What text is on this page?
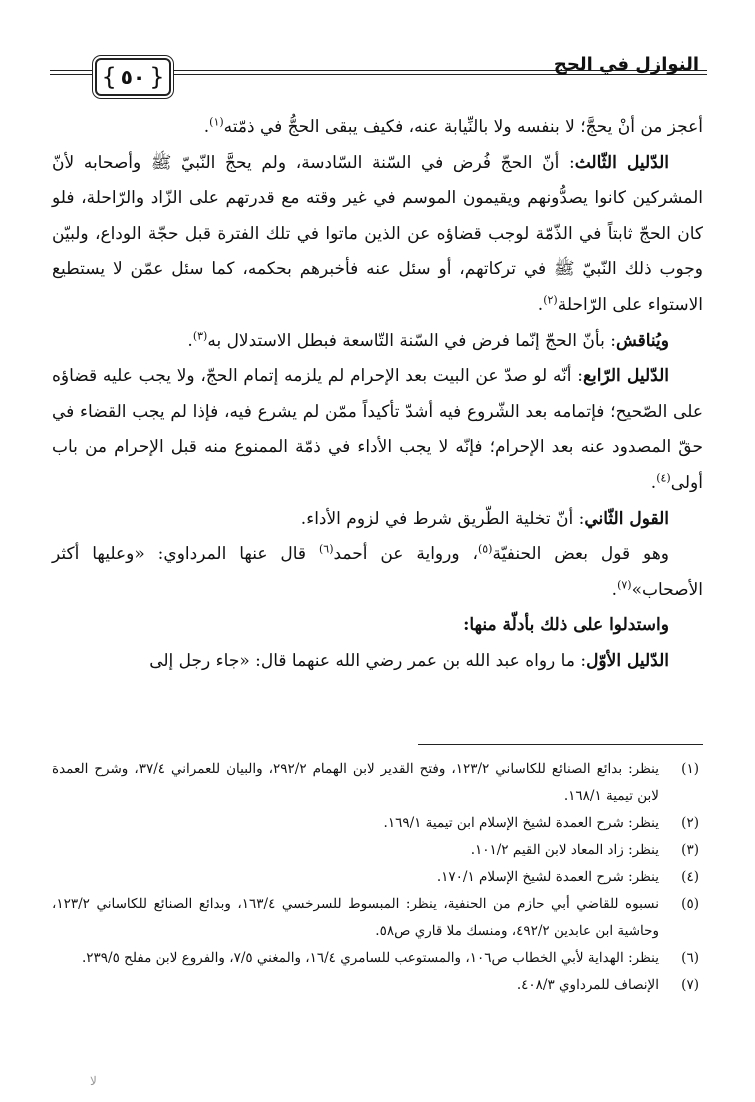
النوازل في الحج
{
٥٠
}

أعجز من أنْ يحجَّ؛ لا بنفسه ولا بالنِّيابة عنه، فكيف يبقى الحجُّ في ذمّته$^{(١)}$.

الدّليل الثّالث: أنّ الحجّ فُرض في السّنة السّادسة، ولم يحجَّ النّبيّ ﷺ وأصحابه لأنّ المشركين كانوا يصدُّونهم ويقيمون الموسم في غير وقته مع قدرتهم على الزّاد والرّاحلة، فلو كان الحجّ ثابتاً في الذّمّة لوجب قضاؤه عن الذين ماتوا في تلك الفترة قبل حجّة الوداع، ولبيّن وجوب ذلك النّبيّ ﷺ في تركاتهم، أو سئل عنه فأخبرهم بحكمه، كما سئل عمّن لا يستطيع الاستواء على الرّاحلة$^{(٢)}$.

ويُناقش: بأنّ الحجّ إنّما فرض في السّنة التّاسعة فبطل الاستدلال به$^{(٣)}$.

الدّليل الرّابع: أنّه لو صدّ عن البيت بعد الإحرام لم يلزمه إتمام الحجّ، ولا يجب عليه قضاؤه على الصّحيح؛ فإتمامه بعد الشّروع فيه أشدّ تأكيداً ممّن لم يشرع فيه، فإذا لم يجب القضاء في حقّ المصدود عنه بعد الإحرام؛ فإنّه لا يجب الأداء في ذمّة الممنوع منه قبل الإحرام من باب أولى$^{(٤)}$.

القول الثّاني: أنّ تخلية الطّريق شرط في لزوم الأداء.

وهو قول بعض الحنفيّة$^{(٥)}$، ورواية عن أحمد$^{(٦)}$ قال عنها المرداوي: «وعليها أكثر الأصحاب»$^{(٧)}$.

واستدلوا على ذلك بأدلّة منها:

الدّليل الأوّل: ما رواه عبد الله بن عمر رضي الله عنهما قال: «جاء رجل إلى

(١)
ينظر: بدائع الصنائع للكاساني ١٢٣/٢، وفتح القدير لابن الهمام ٢٩٢/٢، والبيان للعمراني ٣٧/٤، وشرح العمدة لابن تيمية ١٦٨/١.
(٢)
ينظر: شرح العمدة لشيخ الإسلام ابن تيمية ١٦٩/١.
(٣)
ينظر: زاد المعاد لابن القيم ١٠١/٢.
(٤)
ينظر: شرح العمدة لشيخ الإسلام ١٧٠/١.
(٥)
نسبوه للقاضي أبي حازم من الحنفية، ينظر: المبسوط للسرخسي ١٦٣/٤، وبدائع الصنائع للكاساني ١٢٣/٢، وحاشية ابن عابدين ٤٩٢/٢، ومنسك ملا قاري ص٥٨.
(٦)
ينظر: الهداية لأبي الخطاب ص١٠٦، والمستوعب للسامري ١٦/٤، والمغني ٧/٥، والفروع لابن مفلح ٢٣٩/٥.
(٧)
الإنصاف للمرداوي ٤٠٨/٣.
ﻻ
